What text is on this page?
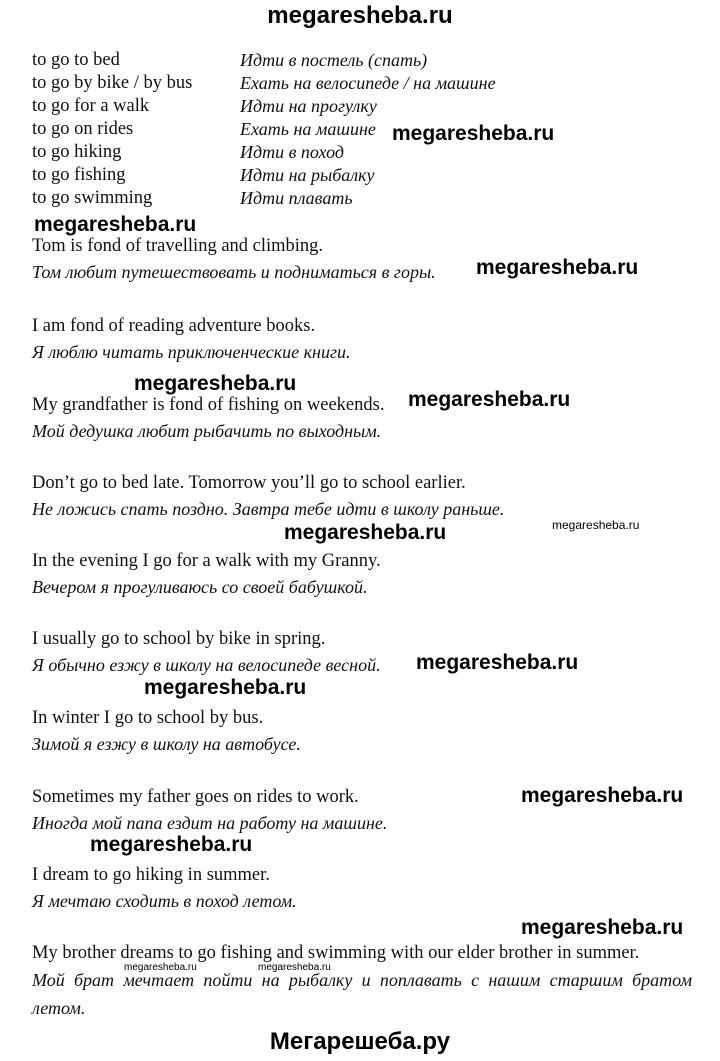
megaresheba.ru
to go to bed	Идти в постель (спать)
to go by bike / by bus	Ехать на велосипеде / на машине
to go for a walk	Идти на прогулку
to go on rides	Ехать на машине
to go hiking	Идти в поход
to go fishing	Идти на рыбалку
to go swimming	Идти плавать
Tom is fond of travelling and climbing.
Том любит путешествовать и подниматься в горы.
I am fond of reading adventure books.
Я люблю читать приключенческие книги.
My grandfather is fond of fishing on weekends.
Мой дедушка любит рыбачить по выходным.
Don’t go to bed late. Tomorrow you’ll go to school earlier.
Не ложись спать поздно. Завтра тебе идти в школу раньше.
In the evening I go for a walk with my Granny.
Вечером я прогуливаюсь со своей бабушкой.
I usually go to school by bike in spring.
Я обычно езжу в школу на велосипеде весной.
In winter I go to school by bus.
Зимой я езжу в школу на автобусе.
Sometimes my father goes on rides to work.
Иногда мой папа ездит на работу на машине.
I dream to go hiking in summer.
Я мечтаю сходить в поход летом.
My brother dreams to go fishing and swimming with our elder brother in summer.
Мой брат мечтает пойти на рыбалку и поплавать с нашим старшим братом летом.
megaresheba.ru
megaresheba.ru
megaresheba.ru
megaresheba.ru
megaresheba.ru
megaresheba.ru	megaresheba.ru
megaresheba.ru
megaresheba.ru
megaresheba.ru
megaresheba.ru
megaresheba.ru
megaresheba.ru	megaresheba.ru
Мегарешеба.ру
